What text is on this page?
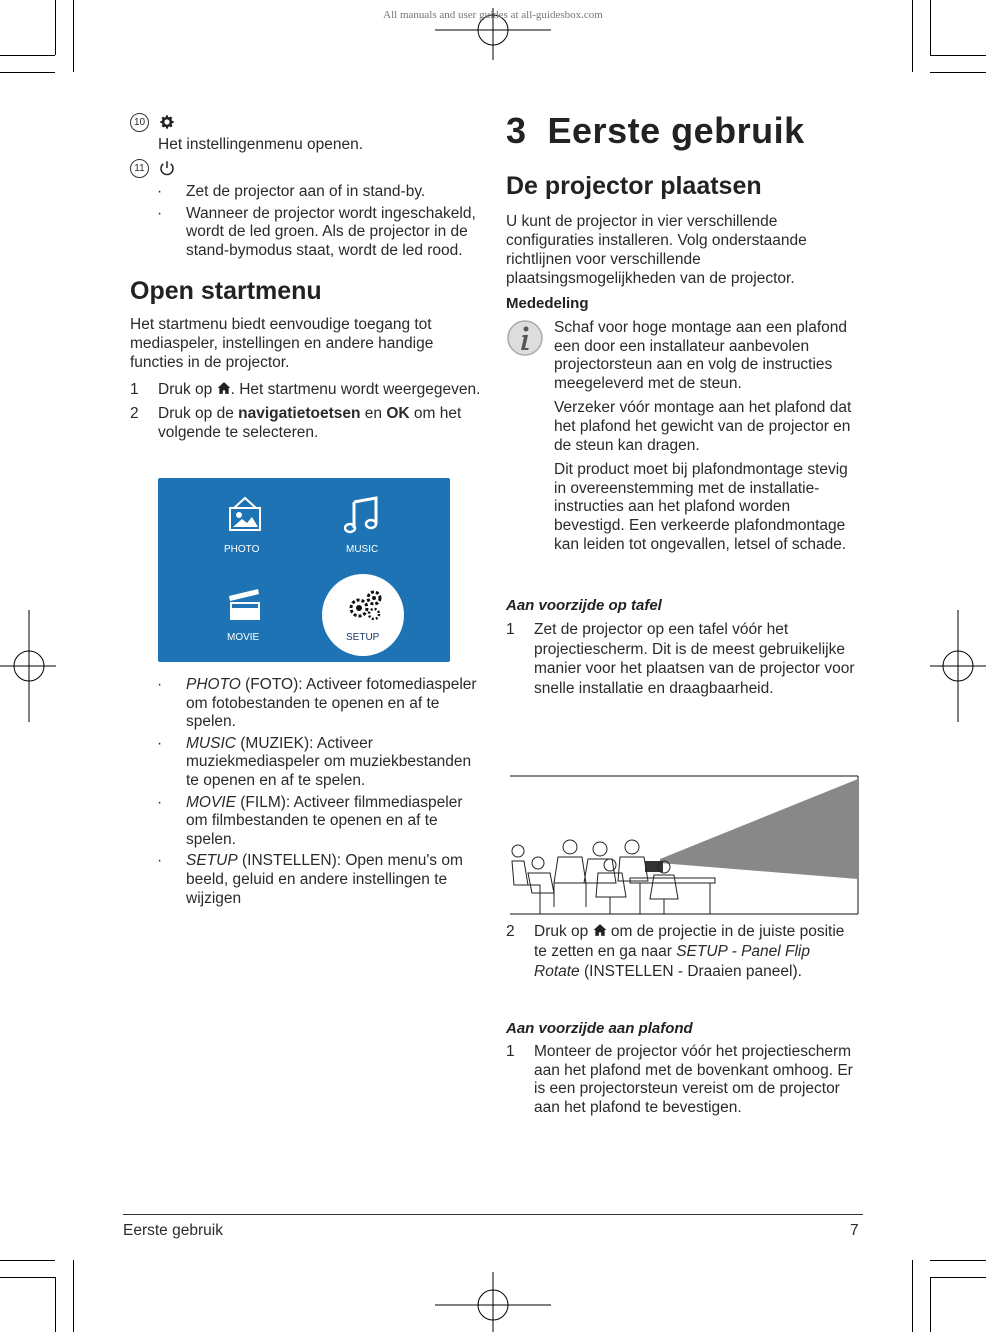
All manuals and user guides at all-guidesbox.com
10

Het instellingenmenu openen.

11
· Zet de projector aan of in stand-by.
· Wanneer de projector wordt ingeschakeld, wordt de led groen. Als de projector in de stand-bymodus staat, wordt de led rood.
Open startmenu

Het startmenu biedt eenvoudige toegang tot mediaspeler, instellingen en andere handige functies in de projector.

1 Druk op . Het startmenu wordt weergegeven.
2 Druk op de navigatietoetsen en OK om het volgende te selecteren.
PHOTO	MUSIC
MOVIE	SETUP
· PHOTO (FOTO): Activeer fotomediaspeler om fotobestanden te openen en af te spelen.
· MUSIC (MUZIEK): Activeer muziekmediaspeler om muziekbestanden te openen en af te spelen.
· MOVIE (FILM): Activeer filmmediaspeler om filmbestanden te openen en af te spelen.
· SETUP (INSTELLEN): Open menu's om beeld, geluid en andere instellingen te wijzigen
3  Eerste gebruik
De projector plaatsen

U kunt de projector in vier verschillende configuraties installeren. Volg onderstaande richtlijnen voor verschillende plaatsingsmogelijkheden van de projector.

Mededeling

Schaf voor hoge montage aan een plafond een door een installateur aanbevolen projectorsteun aan en volg de instructies meegeleverd met de steun.

Verzeker vóór montage aan het plafond dat het plafond het gewicht van de projector en de steun kan dragen.

Dit product moet bij plafondmontage stevig in overeenstemming met de installatie-instructies aan het plafond worden bevestigd. Een verkeerde plafondmontage kan leiden tot ongevallen, letsel of schade.

Aan voorzijde op tafel

1 Zet de projector op een tafel vóór het projectiescherm. Dit is de meest gebruikelijke manier voor het plaatsen van de projector voor snelle installatie en draagbaarheid.
2 Druk op  om de projectie in de juiste positie te zetten en ga naar SETUP - Panel Flip Rotate (INSTELLEN - Draaien paneel).

Aan voorzijde aan plafond

1 Monteer de projector vóór het projectiescherm aan het plafond met de bovenkant omhoog. Er is een projectorsteun vereist om de projector aan het plafond te bevestigen.
Eerste gebruik	7
